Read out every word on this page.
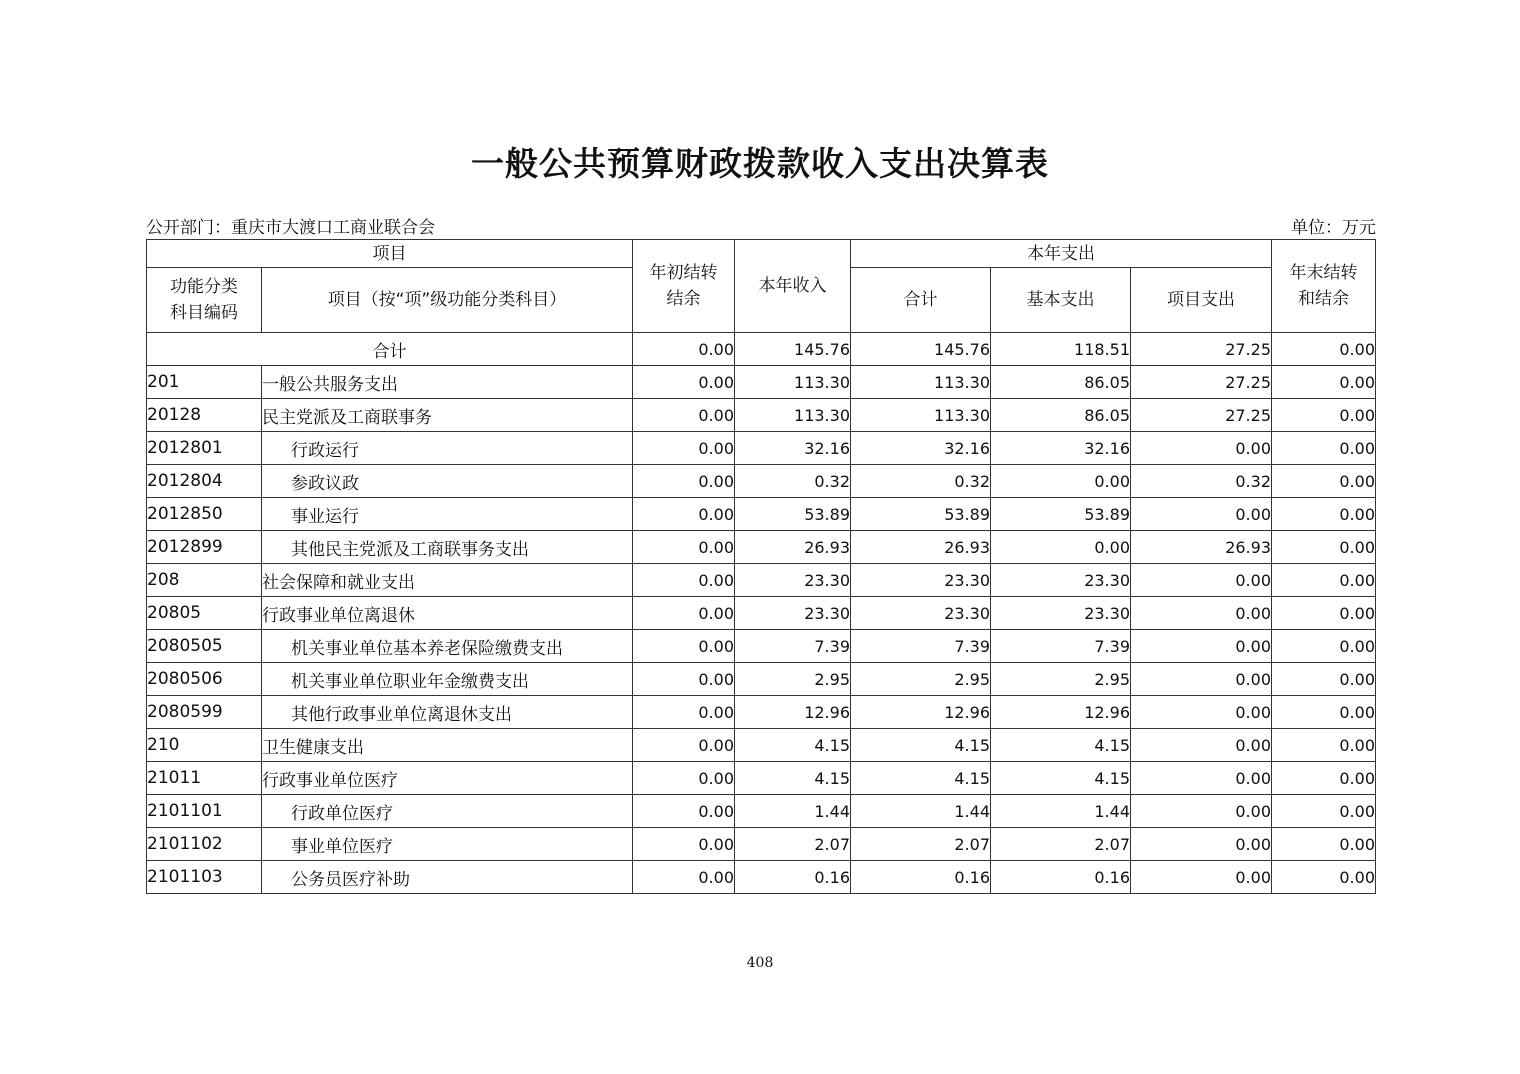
一般公共预算财政拨款收入支出决算表
公开部门：重庆市大渡口工商业联合会	单位：万元
项目		年初结转结余	本年收入	本年支出			年末结转和结余
功能分类科目编码	项目（按“项”级功能分类科目）			合计	基本支出	项目支出	
合计		0.00	145.76	145.76	118.51	27.25	0.00
201	一般公共服务支出	0.00	113.30	113.30	86.05	27.25	0.00
20128	民主党派及工商联事务	0.00	113.30	113.30	86.05	27.25	0.00
2012801	行政运行	0.00	32.16	32.16	32.16	0.00	0.00
2012804	参政议政	0.00	0.32	0.32	0.00	0.32	0.00
2012850	事业运行	0.00	53.89	53.89	53.89	0.00	0.00
2012899	其他民主党派及工商联事务支出	0.00	26.93	26.93	0.00	26.93	0.00
208	社会保障和就业支出	0.00	23.30	23.30	23.30	0.00	0.00
20805	行政事业单位离退休	0.00	23.30	23.30	23.30	0.00	0.00
2080505	机关事业单位基本养老保险缴费支出	0.00	7.39	7.39	7.39	0.00	0.00
2080506	机关事业单位职业年金缴费支出	0.00	2.95	2.95	2.95	0.00	0.00
2080599	其他行政事业单位离退休支出	0.00	12.96	12.96	12.96	0.00	0.00
210	卫生健康支出	0.00	4.15	4.15	4.15	0.00	0.00
21011	行政事业单位医疗	0.00	4.15	4.15	4.15	0.00	0.00
2101101	行政单位医疗	0.00	1.44	1.44	1.44	0.00	0.00
2101102	事业单位医疗	0.00	2.07	2.07	2.07	0.00	0.00
2101103	公务员医疗补助	0.00	0.16	0.16	0.16	0.00	0.00
408
